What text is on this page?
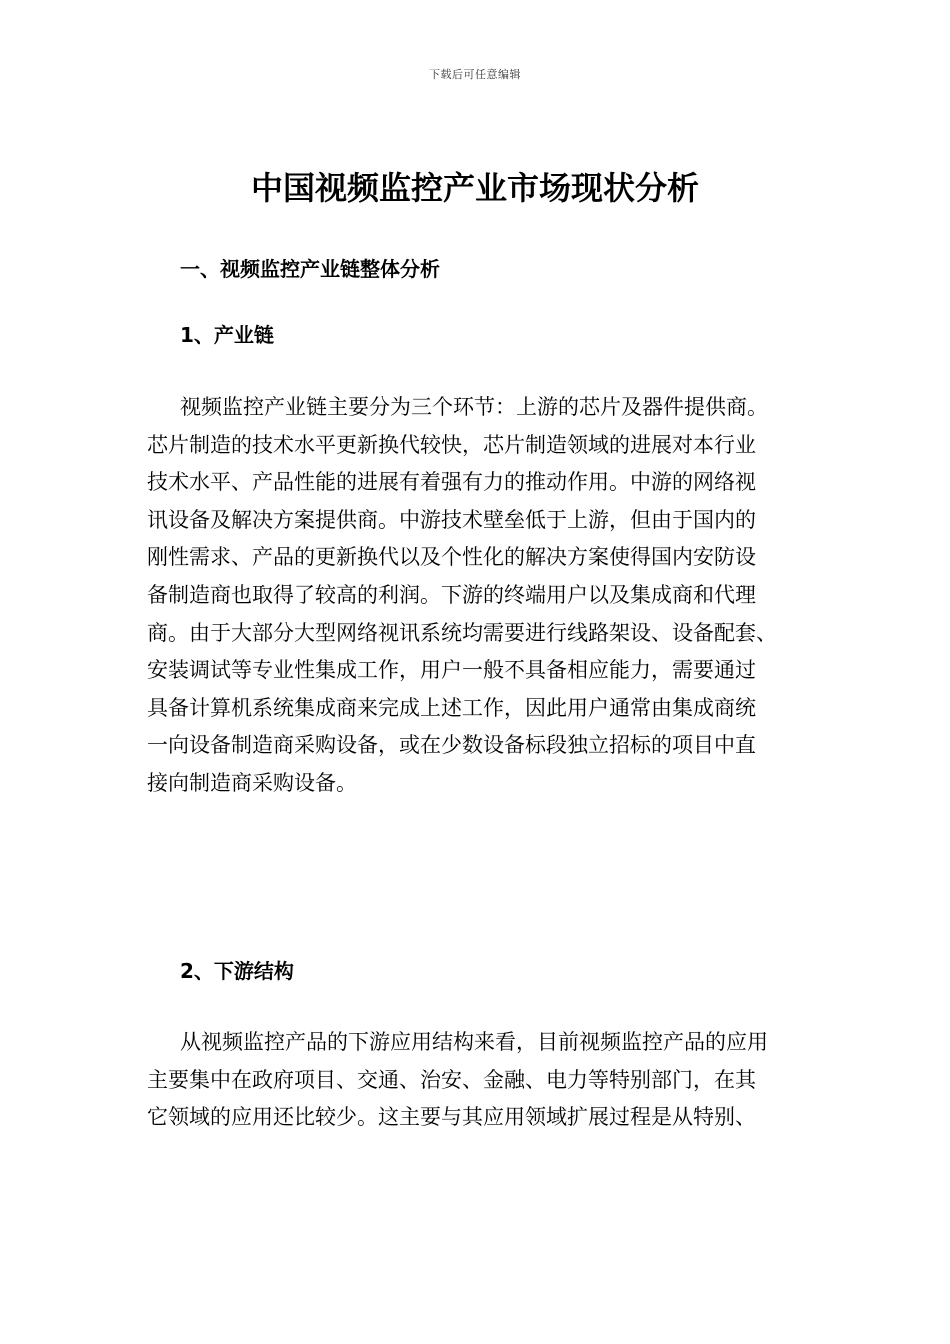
下载后可任意编辑
中国视频监控产业市场现状分析
一、视频监控产业链整体分析
1、产业链

视频监控产业链主要分为三个环节：上游的芯片及器件提供商。

芯片制造的技术水平更新换代较快，芯片制造领域的进展对本行业

技术水平、产品性能的进展有着强有力的推动作用。中游的网络视

讯设备及解决方案提供商。中游技术壁垒低于上游，但由于国内的

刚性需求、产品的更新换代以及个性化的解决方案使得国内安防设

备制造商也取得了较高的利润。下游的终端用户以及集成商和代理

商。由于大部分大型网络视讯系统均需要进行线路架设、设备配套、

安装调试等专业性集成工作，用户一般不具备相应能力，需要通过

具备计算机系统集成商来完成上述工作，因此用户通常由集成商统

一向设备制造商采购设备，或在少数设备标段独立招标的项目中直

接向制造商采购设备。

2、下游结构

从视频监控产品的下游应用结构来看，目前视频监控产品的应用

主要集中在政府项目、交通、治安、金融、电力等特别部门，在其

它领域的应用还比较少。这主要与其应用领域扩展过程是从特别、
